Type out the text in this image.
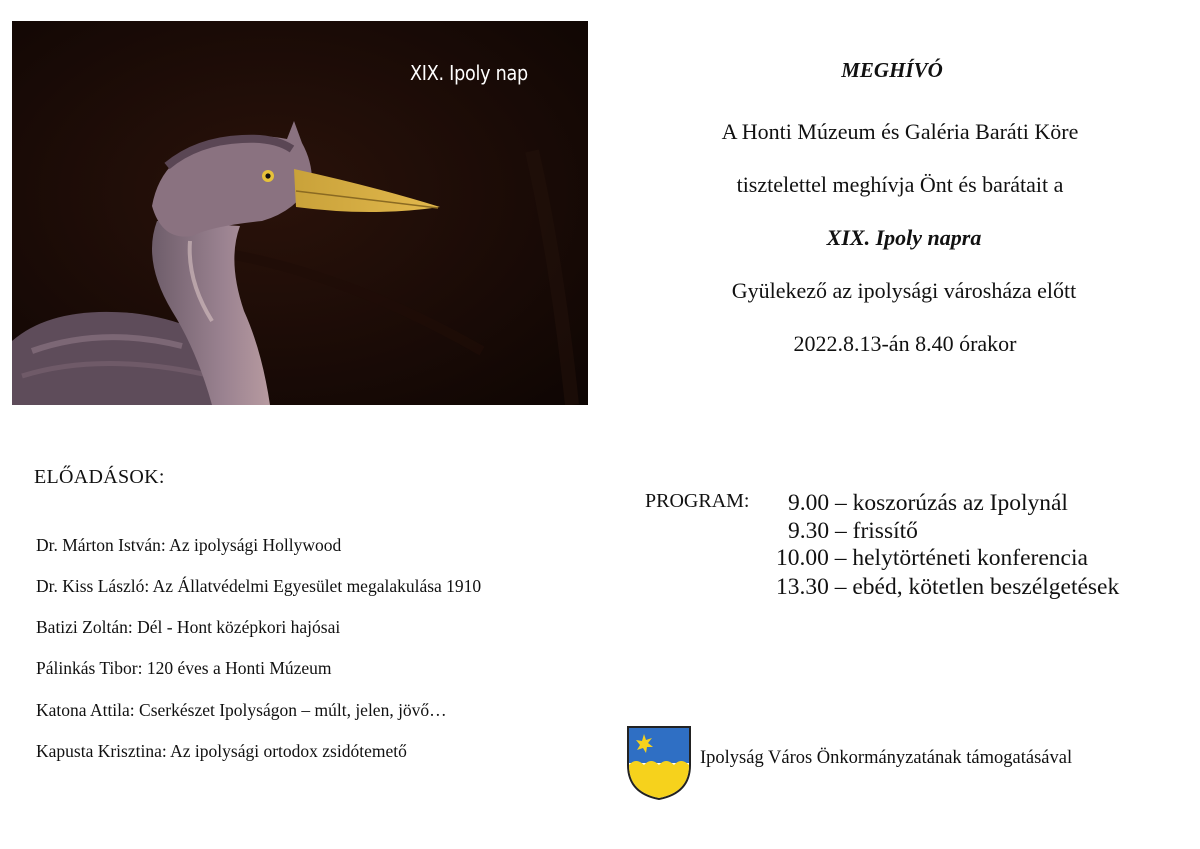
XIX. Ipoly nap	MEGHÍVÓ
A Honti Múzeum és Galéria Baráti Köre
tisztelettel meghívja Önt és barátait a
XIX. Ipoly napra
Gyülekező az ipolysági városháza előtt
2022.8.13-án 8.40 órakor
ELŐADÁSOK:
Dr. Márton István: Az ipolysági Hollywood
Dr. Kiss László: Az Állatvédelmi Egyesület megalakulása 1910
Batizi Zoltán: Dél - Hont középkori hajósai
Pálinkás Tibor: 120 éves a Honti Múzeum
Katona Attila: Cserkészet Ipolyságon – múlt, jelen, jövő…
Kapusta Krisztina: Az ipolysági ortodox zsidótemető
PROGRAM: 9.00 – koszorúzás az Ipolynál
9.30 – frissítő
10.00 – helytörténeti konferencia
13.30 – ebéd, kötetlen beszélgetések
Ipolyság Város Önkormányzatának támogatásával
